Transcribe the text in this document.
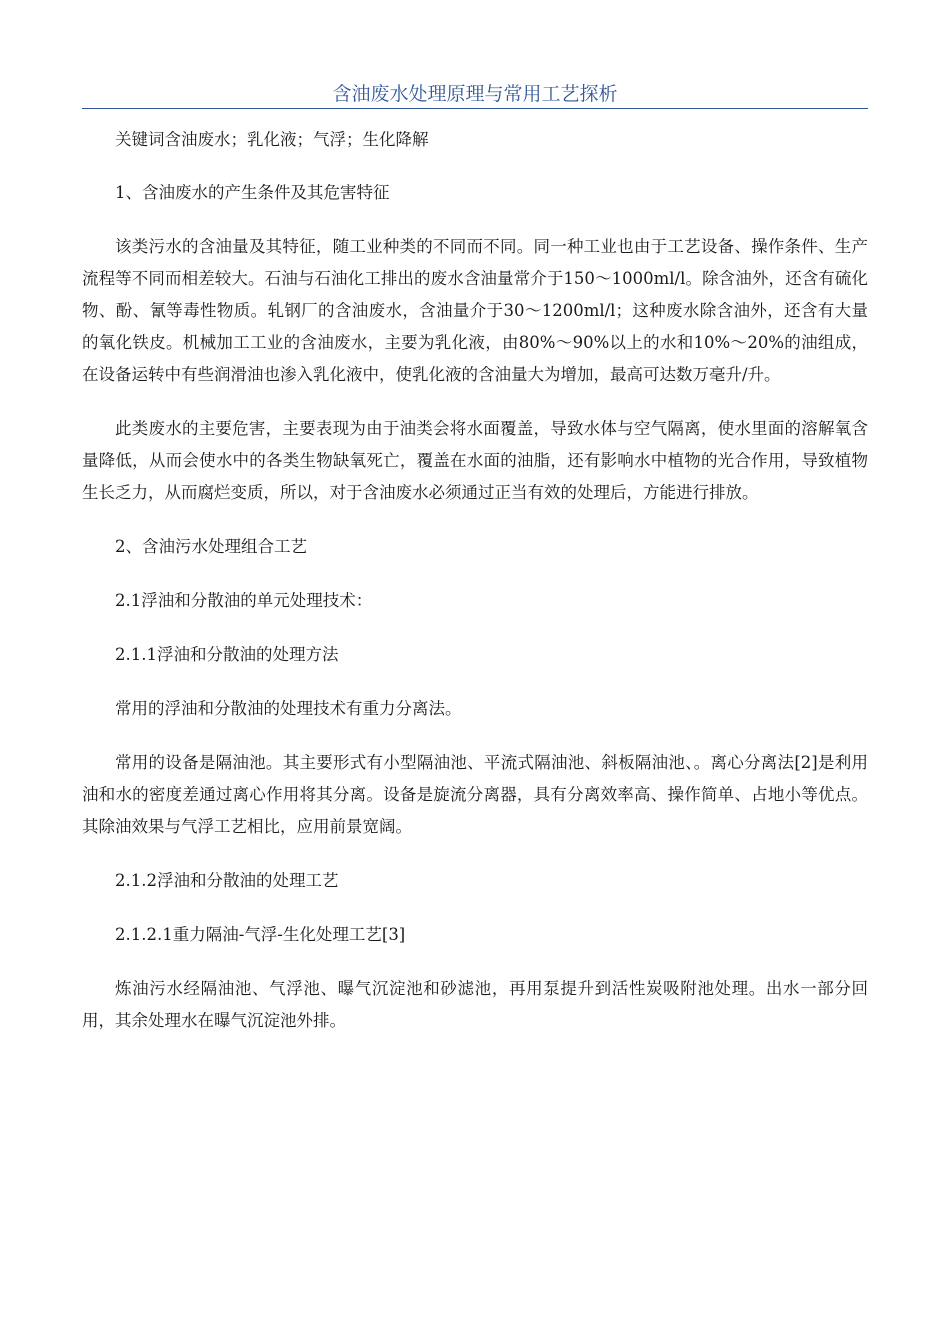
含油废水处理原理与常用工艺探析

关键词含油废水；乳化液；气浮；生化降解

1、含油废水的产生条件及其危害特征

该类污水的含油量及其特征，随工业种类的不同而不同。同一种工业也由于工艺设备、操作条件、生产流程等不同而相差较大。石油与石油化工排出的废水含油量常介于150～1000ml/l。除含油外，还含有硫化物、酚、氰等毒性物质。轧钢厂的含油废水，含油量介于30～1200ml/l；这种废水除含油外，还含有大量的氧化铁皮。机械加工工业的含油废水，主要为乳化液，由80%～90%以上的水和10%～20%的油组成，在设备运转中有些润滑油也渗入乳化液中，使乳化液的含油量大为增加，最高可达数万毫升/升。

此类废水的主要危害，主要表现为由于油类会将水面覆盖，导致水体与空气隔离，使水里面的溶解氧含量降低，从而会使水中的各类生物缺氧死亡，覆盖在水面的油脂，还有影响水中植物的光合作用，导致植物生长乏力，从而腐烂变质，所以，对于含油废水必须通过正当有效的处理后，方能进行排放。

2、含油污水处理组合工艺

2.1浮油和分散油的单元处理技术：

2.1.1浮油和分散油的处理方法

常用的浮油和分散油的处理技术有重力分离法。

常用的设备是隔油池。其主要形式有小型隔油池、平流式隔油池、斜板隔油池、。离心分离法[2]是利用油和水的密度差通过离心作用将其分离。设备是旋流分离器，具有分离效率高、操作简单、占地小等优点。其除油效果与气浮工艺相比，应用前景宽阔。

2.1.2浮油和分散油的处理工艺

2.1.2.1重力隔油-气浮-生化处理工艺[3]

炼油污水经隔油池、气浮池、曝气沉淀池和砂滤池，再用泵提升到活性炭吸附池处理。出水一部分回用，其余处理水在曝气沉淀池外排。
